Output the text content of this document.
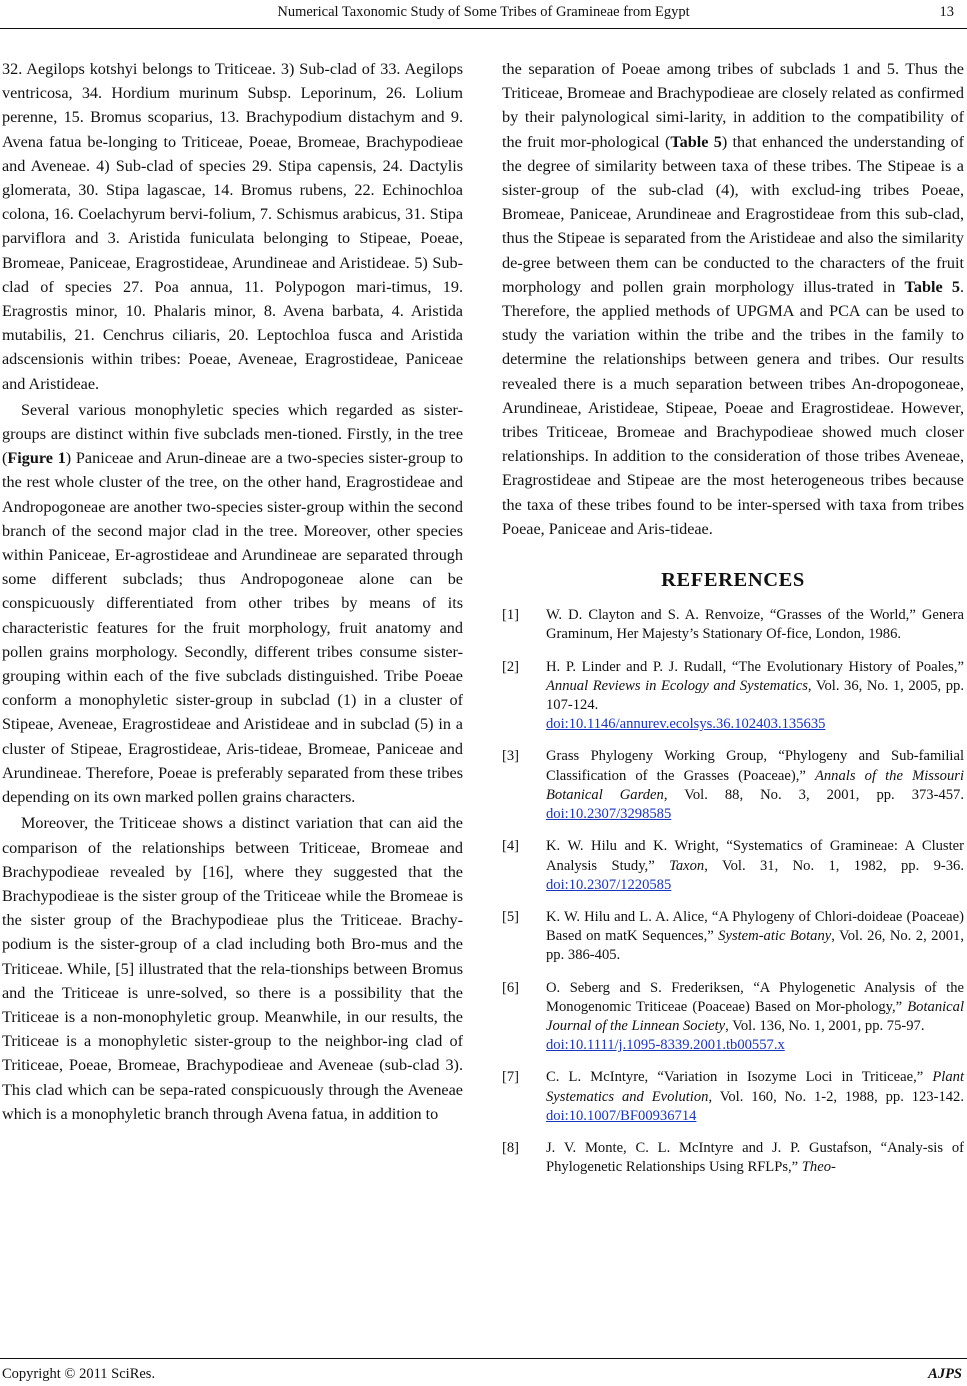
Numerical Taxonomic Study of Some Tribes of Gramineae from Egypt	13

32. Aegilops kotshyi belongs to Triticeae. 3) Sub-clad of 33. Aegilops ventricosa, 34. Hordium murinum Subsp. Leporinum, 26. Lolium perenne, 15. Bromus scoparius, 13. Brachypodium distachym and 9. Avena fatua be-longing to Triticeae, Poeae, Bromeae, Brachypodieae and Aveneae. 4) Sub-clad of species 29. Stipa capensis, 24. Dactylis glomerata, 30. Stipa lagascae, 14. Bromus rubens, 22. Echinochloa colona, 16. Coelachyrum bervi-folium, 7. Schismus arabicus, 31. Stipa parviflora and 3. Aristida funiculata belonging to Stipeae, Poeae, Bromeae, Paniceae, Eragrostideae, Arundineae and Aristideae. 5) Sub-clad of species 27. Poa annua, 11. Polypogon mari-timus, 19. Eragrostis minor, 10. Phalaris minor, 8. Avena barbata, 4. Aristida mutabilis, 21. Cenchrus ciliaris, 20. Leptochloa fusca and Aristida adscensionis within tribes: Poeae, Aveneae, Eragrostideae, Paniceae and Aristideae.

Several various monophyletic species which regarded as sister-groups are distinct within five subclads men-tioned. Firstly, in the tree (Figure 1) Paniceae and Arun-dineae are a two-species sister-group to the rest whole cluster of the tree, on the other hand, Eragrostideae and Andropogoneae are another two-species sister-group within the second branch of the second major clad in the tree. Moreover, other species within Paniceae, Er-agrostideae and Arundineae are separated through some different subclads; thus Andropogoneae alone can be conspicuously differentiated from other tribes by means of its characteristic features for the fruit morphology, fruit anatomy and pollen grains morphology. Secondly, different tribes consume sister-grouping within each of the five subclads distinguished. Tribe Poeae conform a monophyletic sister-group in subclad (1) in a cluster of Stipeae, Aveneae, Eragrostideae and Aristideae and in subclad (5) in a cluster of Stipeae, Eragrostideae, Aris-tideae, Bromeae, Paniceae and Arundineae. Therefore, Poeae is preferably separated from these tribes depending on its own marked pollen grains characters.

Moreover, the Triticeae shows a distinct variation that can aid the comparison of the relationships between Triticeae, Bromeae and Brachypodieae revealed by [16], where they suggested that the Brachypodieae is the sister group of the Triticeae while the Bromeae is the sister group of the Brachypodieae plus the Triticeae. Brachy-podium is the sister-group of a clad including both Bro-mus and the Triticeae. While, [5] illustrated that the rela-tionships between Bromus and the Triticeae is unre-solved, so there is a possibility that the Triticeae is a non-monophyletic group. Meanwhile, in our results, the Triticeae is a monophyletic sister-group to the neighbor-ing clad of Triticeae, Poeae, Bromeae, Brachypodieae and Aveneae (sub-clad 3). This clad which can be sepa-rated conspicuously through the Aveneae which is a monophyletic branch through Avena fatua, in addition to

the separation of Poeae among tribes of subclads 1 and 5. Thus the Triticeae, Bromeae and Brachypodieae are closely related as confirmed by their palynological simi-larity, in addition to the compatibility of the fruit mor-phological (Table 5) that enhanced the understanding of the degree of similarity between taxa of these tribes. The Stipeae is a sister-group of the sub-clad (4), with exclud-ing tribes Poeae, Bromeae, Paniceae, Arundineae and Eragrostideae from this sub-clad, thus the Stipeae is separated from the Aristideae and also the similarity de-gree between them can be conducted to the characters of the fruit morphology and pollen grain morphology illus-trated in Table 5. Therefore, the applied methods of UPGMA and PCA can be used to study the variation within the tribe and the tribes in the family to determine the relationships between genera and tribes. Our results revealed there is a much separation between tribes An-dropogoneae, Arundineae, Aristideae, Stipeae, Poeae and Eragrostideae. However, tribes Triticeae, Bromeae and Brachypodieae showed much closer relationships. In addition to the consideration of those tribes Aveneae, Eragrostideae and Stipeae are the most heterogeneous tribes because the taxa of these tribes found to be inter-spersed with taxa from tribes Poeae, Paniceae and Aris-tideae.

REFERENCES
[1]	W. D. Clayton and S. A. Renvoize, “Grasses of the World,” Genera Graminum, Her Majesty’s Stationary Of-fice, London, 1986.
[2]	H. P. Linder and P. J. Rudall, “The Evolutionary History of Poales,” Annual Reviews in Ecology and Systematics, Vol. 36, No. 1, 2005, pp. 107-124.
doi:10.1146/annurev.ecolsys.36.102403.135635
[3]	Grass Phylogeny Working Group, “Phylogeny and Sub-familial Classification of the Grasses (Poaceae),” Annals of the Missouri Botanical Garden, Vol. 88, No. 3, 2001, pp. 373-457. doi:10.2307/3298585
[4]	K. W. Hilu and K. Wright, “Systematics of Gramineae: A Cluster Analysis Study,” Taxon, Vol. 31, No. 1, 1982, pp. 9-36. doi:10.2307/1220585
[5]	K. W. Hilu and L. A. Alice, “A Phylogeny of Chlori-doideae (Poaceae) Based on matK Sequences,” System-atic Botany, Vol. 26, No. 2, 2001, pp. 386-405.
[6]	O. Seberg and S. Frederiksen, “A Phylogenetic Analysis of the Monogenomic Triticeae (Poaceae) Based on Mor-phology,” Botanical Journal of the Linnean Society, Vol. 136, No. 1, 2001, pp. 75-97.
doi:10.1111/j.1095-8339.2001.tb00557.x
[7]	C. L. McIntyre, “Variation in Isozyme Loci in Triticeae,” Plant Systematics and Evolution, Vol. 160, No. 1-2, 1988, pp. 123-142. doi:10.1007/BF00936714
[8]	J. V. Monte, C. L. McIntyre and J. P. Gustafson, “Analy-sis of Phylogenetic Relationships Using RFLPs,” Theo-
Copyright © 2011 SciRes.	AJPS
